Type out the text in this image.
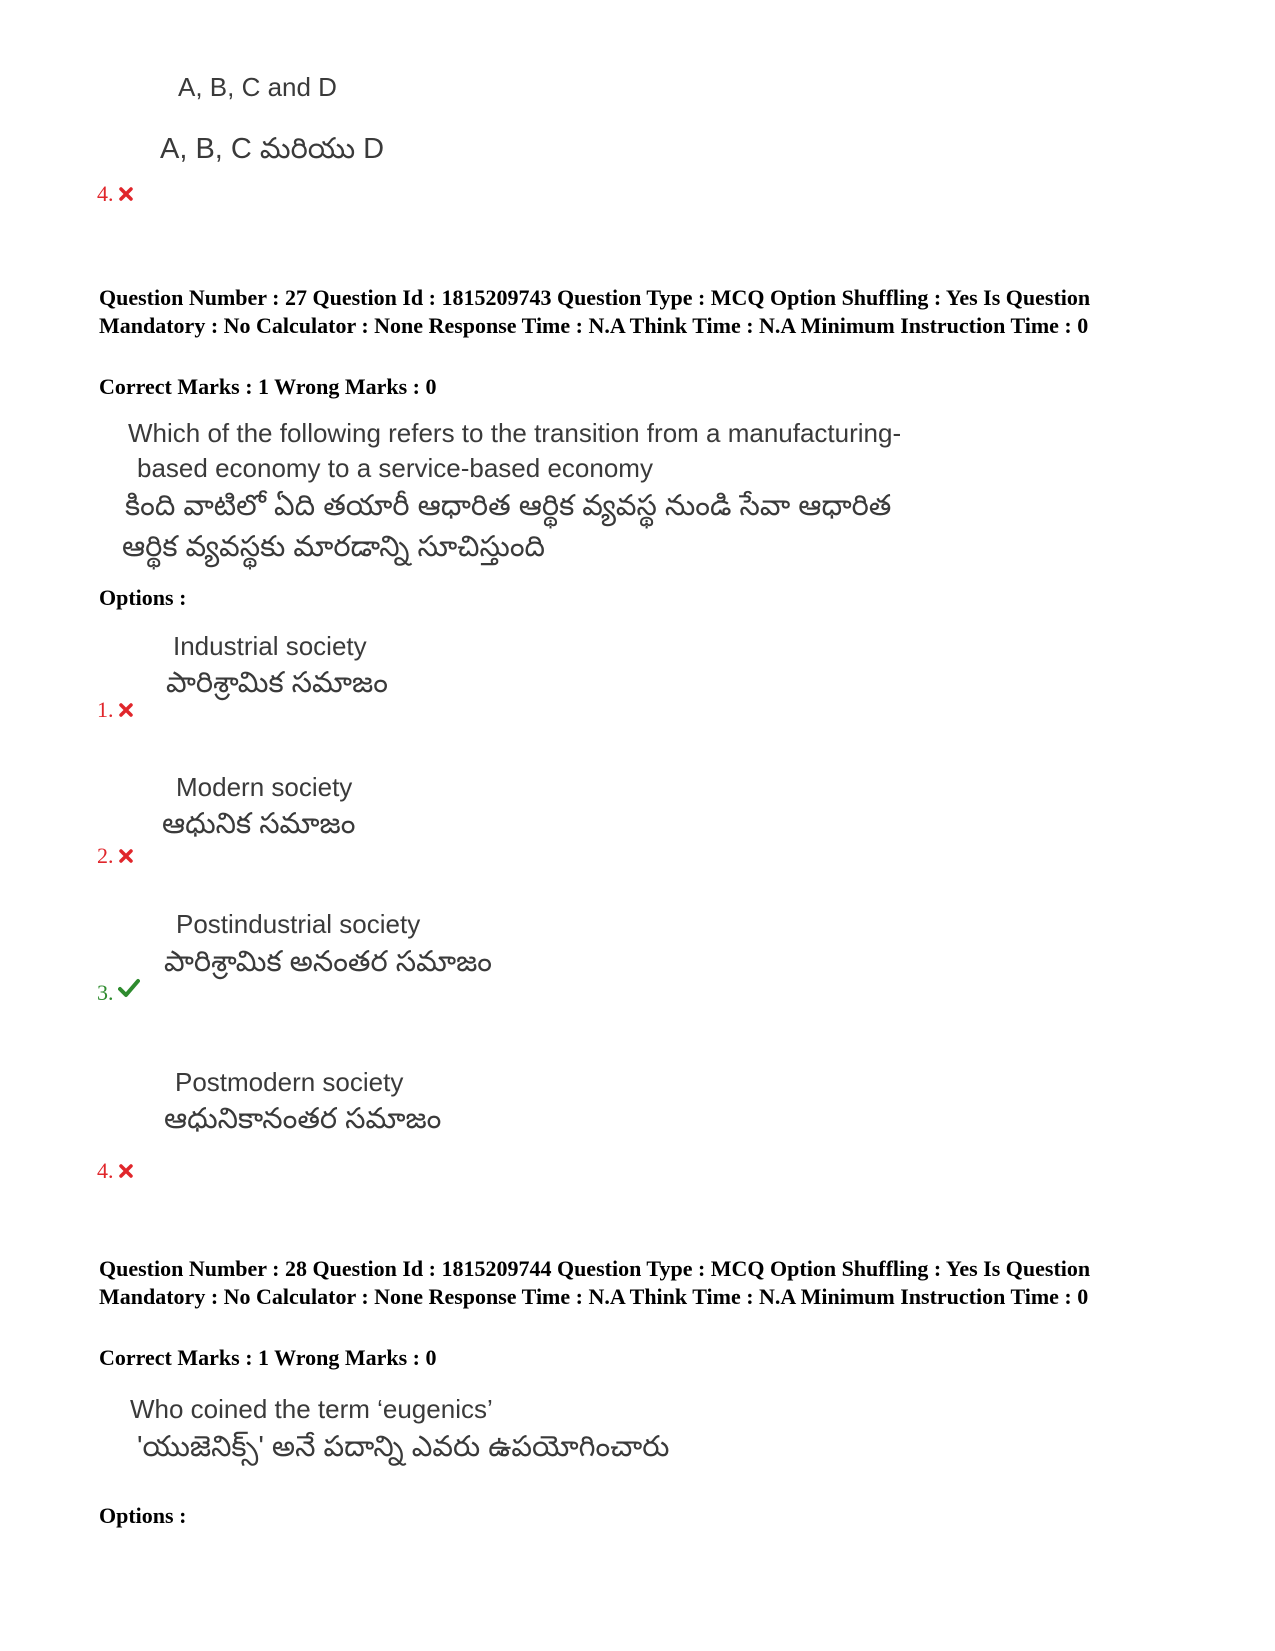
A, B, C and D
A, B, C మరియు D
4.
Question Number : 27 Question Id : 1815209743 Question Type : MCQ Option Shuffling : Yes Is Question Mandatory : No Calculator : None Response Time : N.A Think Time : N.A Minimum Instruction Time : 0
Correct Marks : 1 Wrong Marks : 0
Which of the following refers to the transition from a manufacturing-
based economy to a service-based economy
కింది వాటిలో ఏది తయారీ ఆధారిత ఆర్థిక వ్యవస్థ నుండి సేవా ఆధారిత
ఆర్థిక వ్యవస్థకు మారడాన్ని సూచిస్తుంది
Options :
Industrial society
పారిశ్రామిక సమాజం
1.
Modern society
ఆధునిక సమాజం
2.
Postindustrial society
పారిశ్రామిక అనంతర సమాజం
3.
Postmodern society
ఆధునికానంతర సమాజం
4.
Question Number : 28 Question Id : 1815209744 Question Type : MCQ Option Shuffling : Yes Is Question Mandatory : No Calculator : None Response Time : N.A Think Time : N.A Minimum Instruction Time : 0
Correct Marks : 1 Wrong Marks : 0
Who coined the term ‘eugenics’
'యుజెనిక్స్' అనే పదాన్ని ఎవరు ఉపయోగించారు
Options :
